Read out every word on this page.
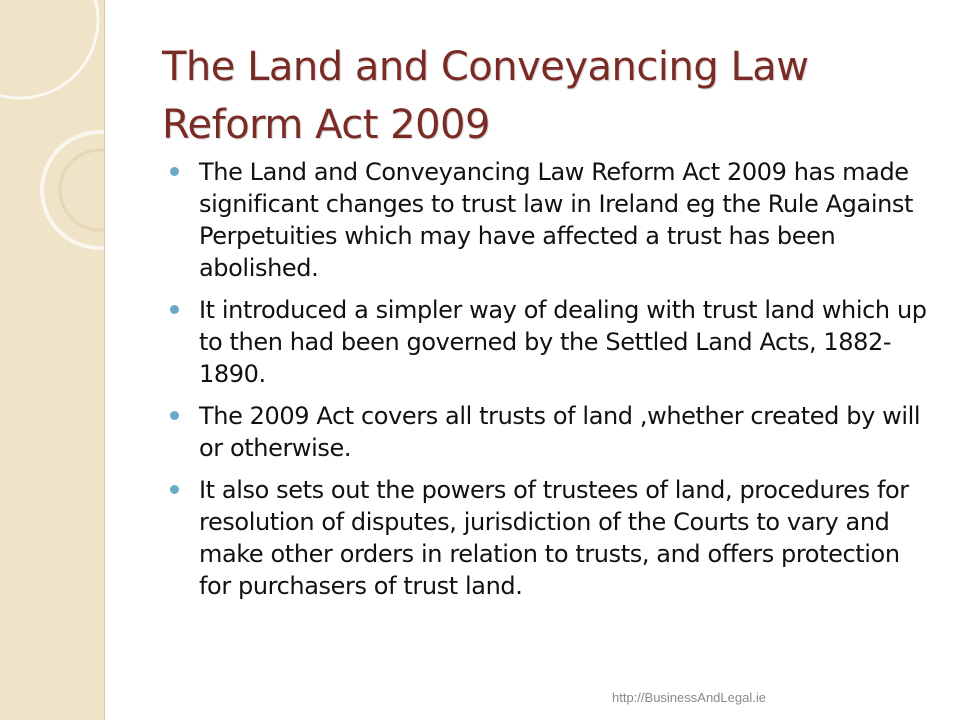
The Land and Conveyancing Law Reform Act 2009
The Land and Conveyancing Law Reform Act 2009 has made significant changes to trust law in Ireland eg the Rule Against Perpetuities which may have affected a trust has been abolished.
It introduced a simpler way of dealing with trust land which up to then had been governed by the Settled Land Acts, 1882-1890.
The 2009 Act covers all trusts of land ,whether created by will or otherwise.
It also sets out the powers of trustees of land, procedures for resolution of disputes, jurisdiction of the Courts to vary and make other orders in relation to trusts, and offers protection for purchasers of trust land.
http://BusinessAndLegal.ie
